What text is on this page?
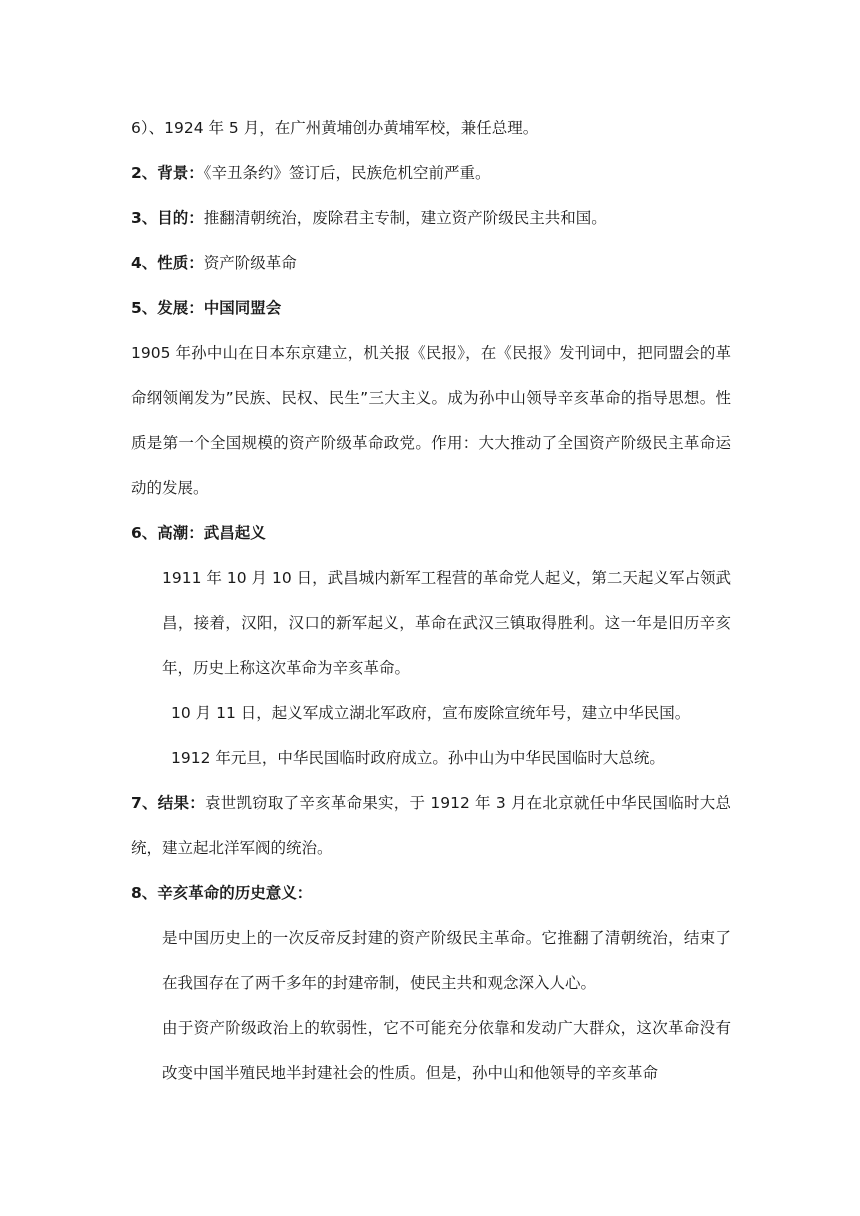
6）、1924 年 5 月，在广州黄埔创办黄埔军校，兼任总理。
2、背景：《辛丑条约》签订后，民族危机空前严重。
3、目的：推翻清朝统治，废除君主专制，建立资产阶级民主共和国。
4、性质：资产阶级革命
5、发展：中国同盟会
1905 年孙中山在日本东京建立，机关报《民报》，在《民报》发刊词中，把同盟会的革命纲领阐发为”民族、民权、民生”三大主义。成为孙中山领导辛亥革命的指导思想。性质是第一个全国规模的资产阶级革命政党。作用：大大推动了全国资产阶级民主革命运动的发展。
6、高潮：武昌起义
1911 年 10 月 10 日，武昌城内新军工程营的革命党人起义，第二天起义军占领武昌，接着，汉阳，汉口的新军起义，革命在武汉三镇取得胜利。这一年是旧历辛亥年，历史上称这次革命为辛亥革命。
10 月 11 日，起义军成立湖北军政府，宣布废除宣统年号，建立中华民国。
1912 年元旦，中华民国临时政府成立。孙中山为中华民国临时大总统。
7、结果：袁世凯窃取了辛亥革命果实，于 1912 年 3 月在北京就任中华民国临时大总统，建立起北洋军阀的统治。
8、辛亥革命的历史意义：
是中国历史上的一次反帝反封建的资产阶级民主革命。它推翻了清朝统治，结束了在我国存在了两千多年的封建帝制，使民主共和观念深入人心。
由于资产阶级政治上的软弱性，它不可能充分依靠和发动广大群众，这次革命没有改变中国半殖民地半封建社会的性质。但是，孙中山和他领导的辛亥革命
